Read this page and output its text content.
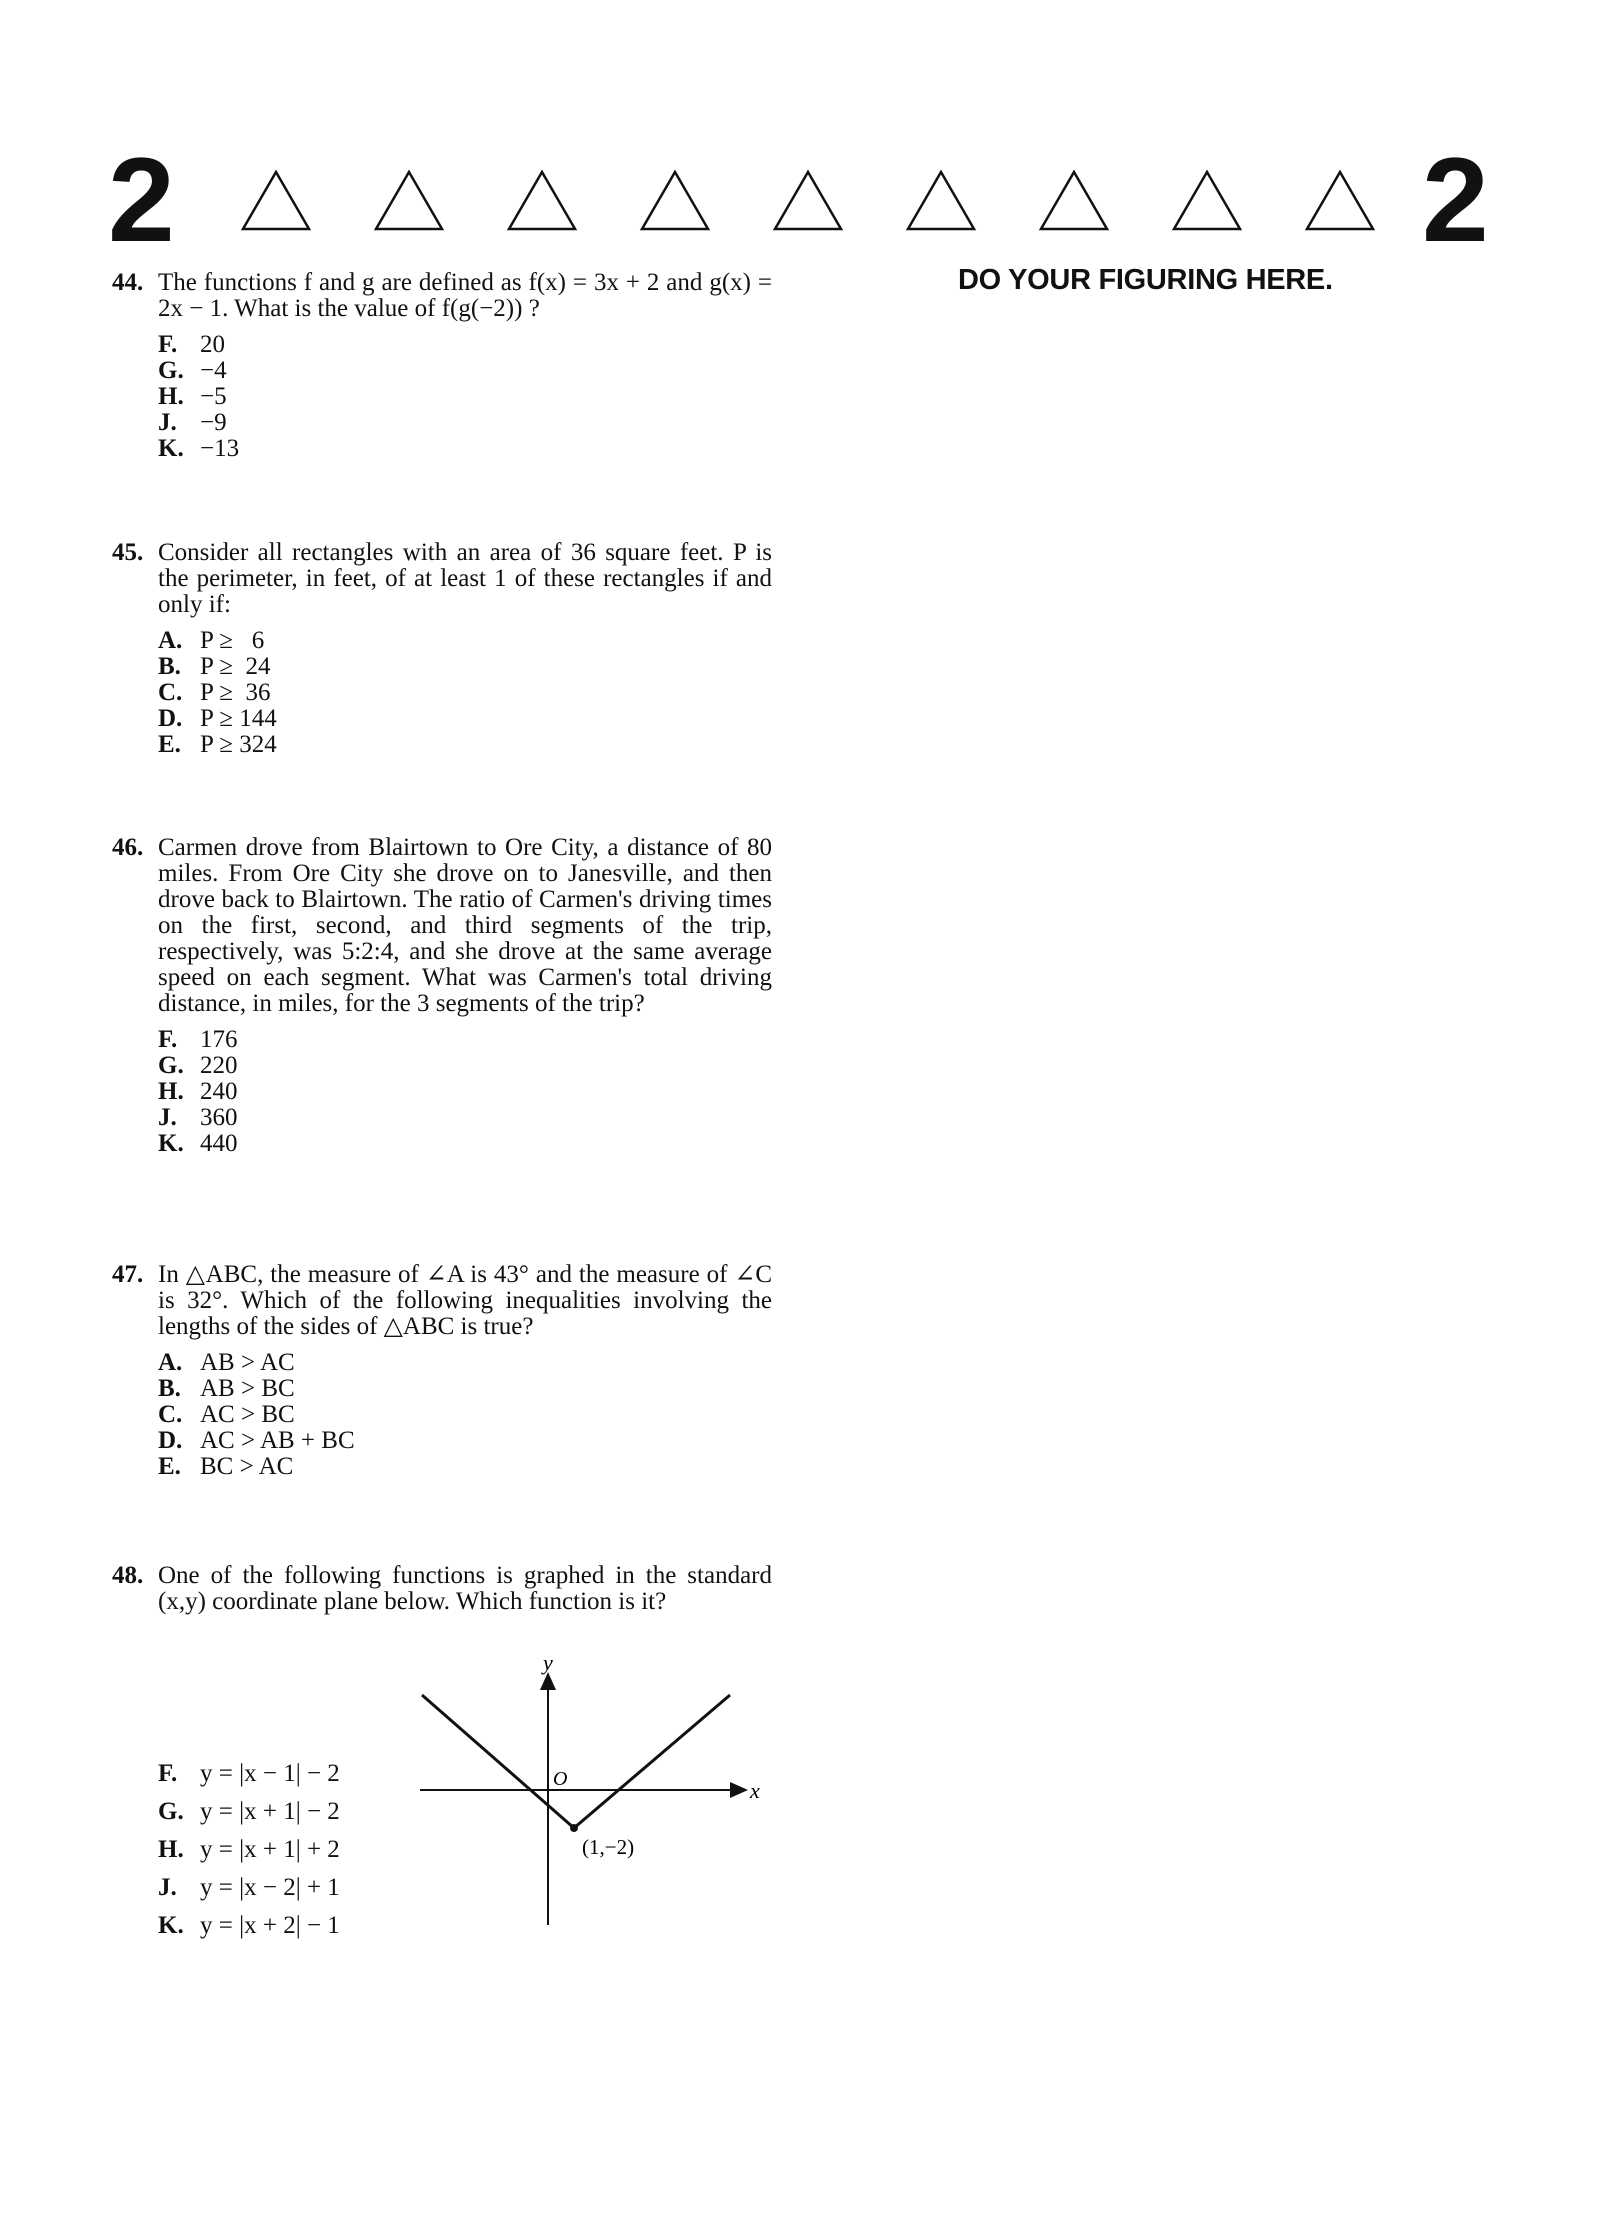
2	2
DO YOUR FIGURING HERE.
44. The functions f and g are defined as f(x) = 3x + 2 and g(x) = 2x − 1. What is the value of f(g(−2)) ?
F. 20
G. −4
H. −5
J. −9
K. −13
45. Consider all rectangles with an area of 36 square feet. P is the perimeter, in feet, of at least 1 of these rectangles if and only if:
A. P ≥   6
B. P ≥  24
C. P ≥  36
D. P ≥ 144
E. P ≥ 324
46. Carmen drove from Blairtown to Ore City, a distance of 80 miles. From Ore City she drove on to Janesville, and then drove back to Blairtown. The ratio of Carmen's driving times on the first, second, and third segments of the trip, respectively, was 5:2:4, and she drove at the same average speed on each segment. What was Carmen's total driving distance, in miles, for the 3 segments of the trip?
F. 176
G. 220
H. 240
J. 360
K. 440
47. In △ABC, the measure of ∠A is 43° and the measure of ∠C is 32°. Which of the following inequalities involving the lengths of the sides of △ABC is true?
A. AB > AC
B. AB > BC
C. AC > BC
D. AC > AB + BC
E. BC > AC
48. One of the following functions is graphed in the standard (x,y) coordinate plane below. Which function is it?
F. y = |x − 1| − 2
G. y = |x + 1| − 2
H. y = |x + 1| + 2
J. y = |x − 2| + 1
K. y = |x + 2| − 1
y
x
O
(1,−2)
